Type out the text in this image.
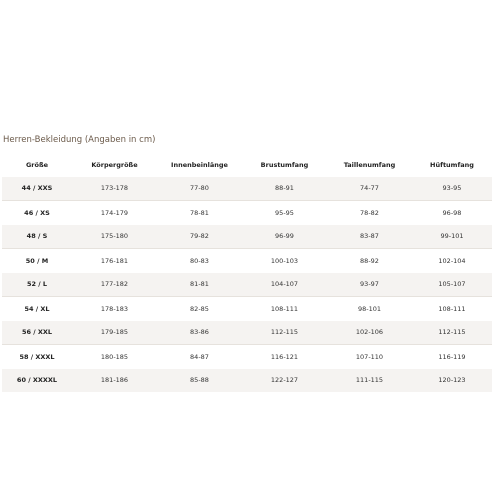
Herren-Bekleidung (Angaben in cm)
Größe	Körpergröße	Innenbeinlänge	Brustumfang	Taillenumfang	Hüftumfang
44 / XXS	173-178	77-80	88-91	74-77	93-95
46 / XS	174-179	78-81	95-95	78-82	96-98
48 / S	175-180	79-82	96-99	83-87	99-101
50 / M	176-181	80-83	100-103	88-92	102-104
52 / L	177-182	81-81	104-107	93-97	105-107
54 / XL	178-183	82-85	108-111	98-101	108-111
56 / XXL	179-185	83-86	112-115	102-106	112-115
58 / XXXL	180-185	84-87	116-121	107-110	116-119
60 / XXXXL	181-186	85-88	122-127	111-115	120-123
